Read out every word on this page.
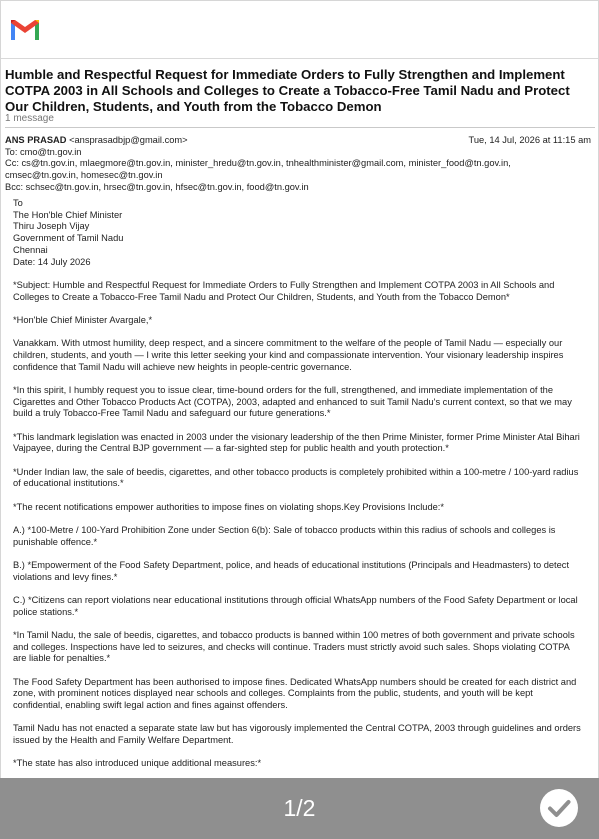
Humble and Respectful Request for Immediate Orders to Fully Strengthen and Implement COTPA 2003 in All Schools and Colleges to Create a Tobacco-Free Tamil Nadu and Protect Our Children, Students, and Youth from the Tobacco Demon
1 message
ANS PRASAD <ansprasadbjp@gmail.com>	Tue, 14 Jul, 2026 at 11:15 am
To: cmo@tn.gov.in
Cc: cs@tn.gov.in, mlaegmore@tn.gov.in, minister_hredu@tn.gov.in, tnhealthminister@gmail.com, minister_food@tn.gov.in,
cmsec@tn.gov.in, homesec@tn.gov.in
Bcc: schsec@tn.gov.in, hrsec@tn.gov.in, hfsec@tn.gov.in, food@tn.gov.in
To
The Hon'ble Chief Minister
Thiru Joseph Vijay
Government of Tamil Nadu
Chennai
Date: 14 July 2026

*Subject: Humble and Respectful Request for Immediate Orders to Fully Strengthen and Implement COTPA 2003 in All Schools and Colleges to Create a Tobacco-Free Tamil Nadu and Protect Our Children, Students, and Youth from the Tobacco Demon*

*Hon'ble Chief Minister Avargale,*

Vanakkam. With utmost humility, deep respect, and a sincere commitment to the welfare of the people of Tamil Nadu — especially our children, students, and youth — I write this letter seeking your kind and compassionate intervention. Your visionary leadership inspires confidence that Tamil Nadu will achieve new heights in people-centric governance.

*In this spirit, I humbly request you to issue clear, time-bound orders for the full, strengthened, and immediate implementation of the Cigarettes and Other Tobacco Products Act (COTPA), 2003, adapted and enhanced to suit Tamil Nadu's current context, so that we may build a truly Tobacco-Free Tamil Nadu and safeguard our future generations.*

*This landmark legislation was enacted in 2003 under the visionary leadership of the then Prime Minister, former Prime Minister Atal Bihari Vajpayee, during the Central BJP government — a far-sighted step for public health and youth protection.*

*Under Indian law, the sale of beedis, cigarettes, and other tobacco products is completely prohibited within a 100-metre / 100-yard radius of educational institutions.*

*The recent notifications empower authorities to impose fines on violating shops.Key Provisions Include:*

A.) *100-Metre / 100-Yard Prohibition Zone under Section 6(b): Sale of tobacco products within this radius of schools and colleges is punishable offence.*

B.) *Empowerment of the Food Safety Department, police, and heads of educational institutions (Principals and Headmasters) to detect violations and levy fines.*

C.) *Citizens can report violations near educational institutions through official WhatsApp numbers of the Food Safety Department or local police stations.*

*In Tamil Nadu, the sale of beedis, cigarettes, and tobacco products is banned within 100 metres of both government and private schools and colleges. Inspections have led to seizures, and checks will continue. Traders must strictly avoid such sales. Shops violating COTPA are liable for penalties.*

The Food Safety Department has been authorised to impose fines. Dedicated WhatsApp numbers should be created for each district and zone, with prominent notices displayed near schools and colleges. Complaints from the public, students, and youth will be kept confidential, enabling swift legal action and fines against offenders.

Tamil Nadu has not enacted a separate state law but has vigorously implemented the Central COTPA, 2003 through guidelines and orders issued by the Health and Family Welfare Department.

*The state has also introduced unique additional measures:*

1/2
